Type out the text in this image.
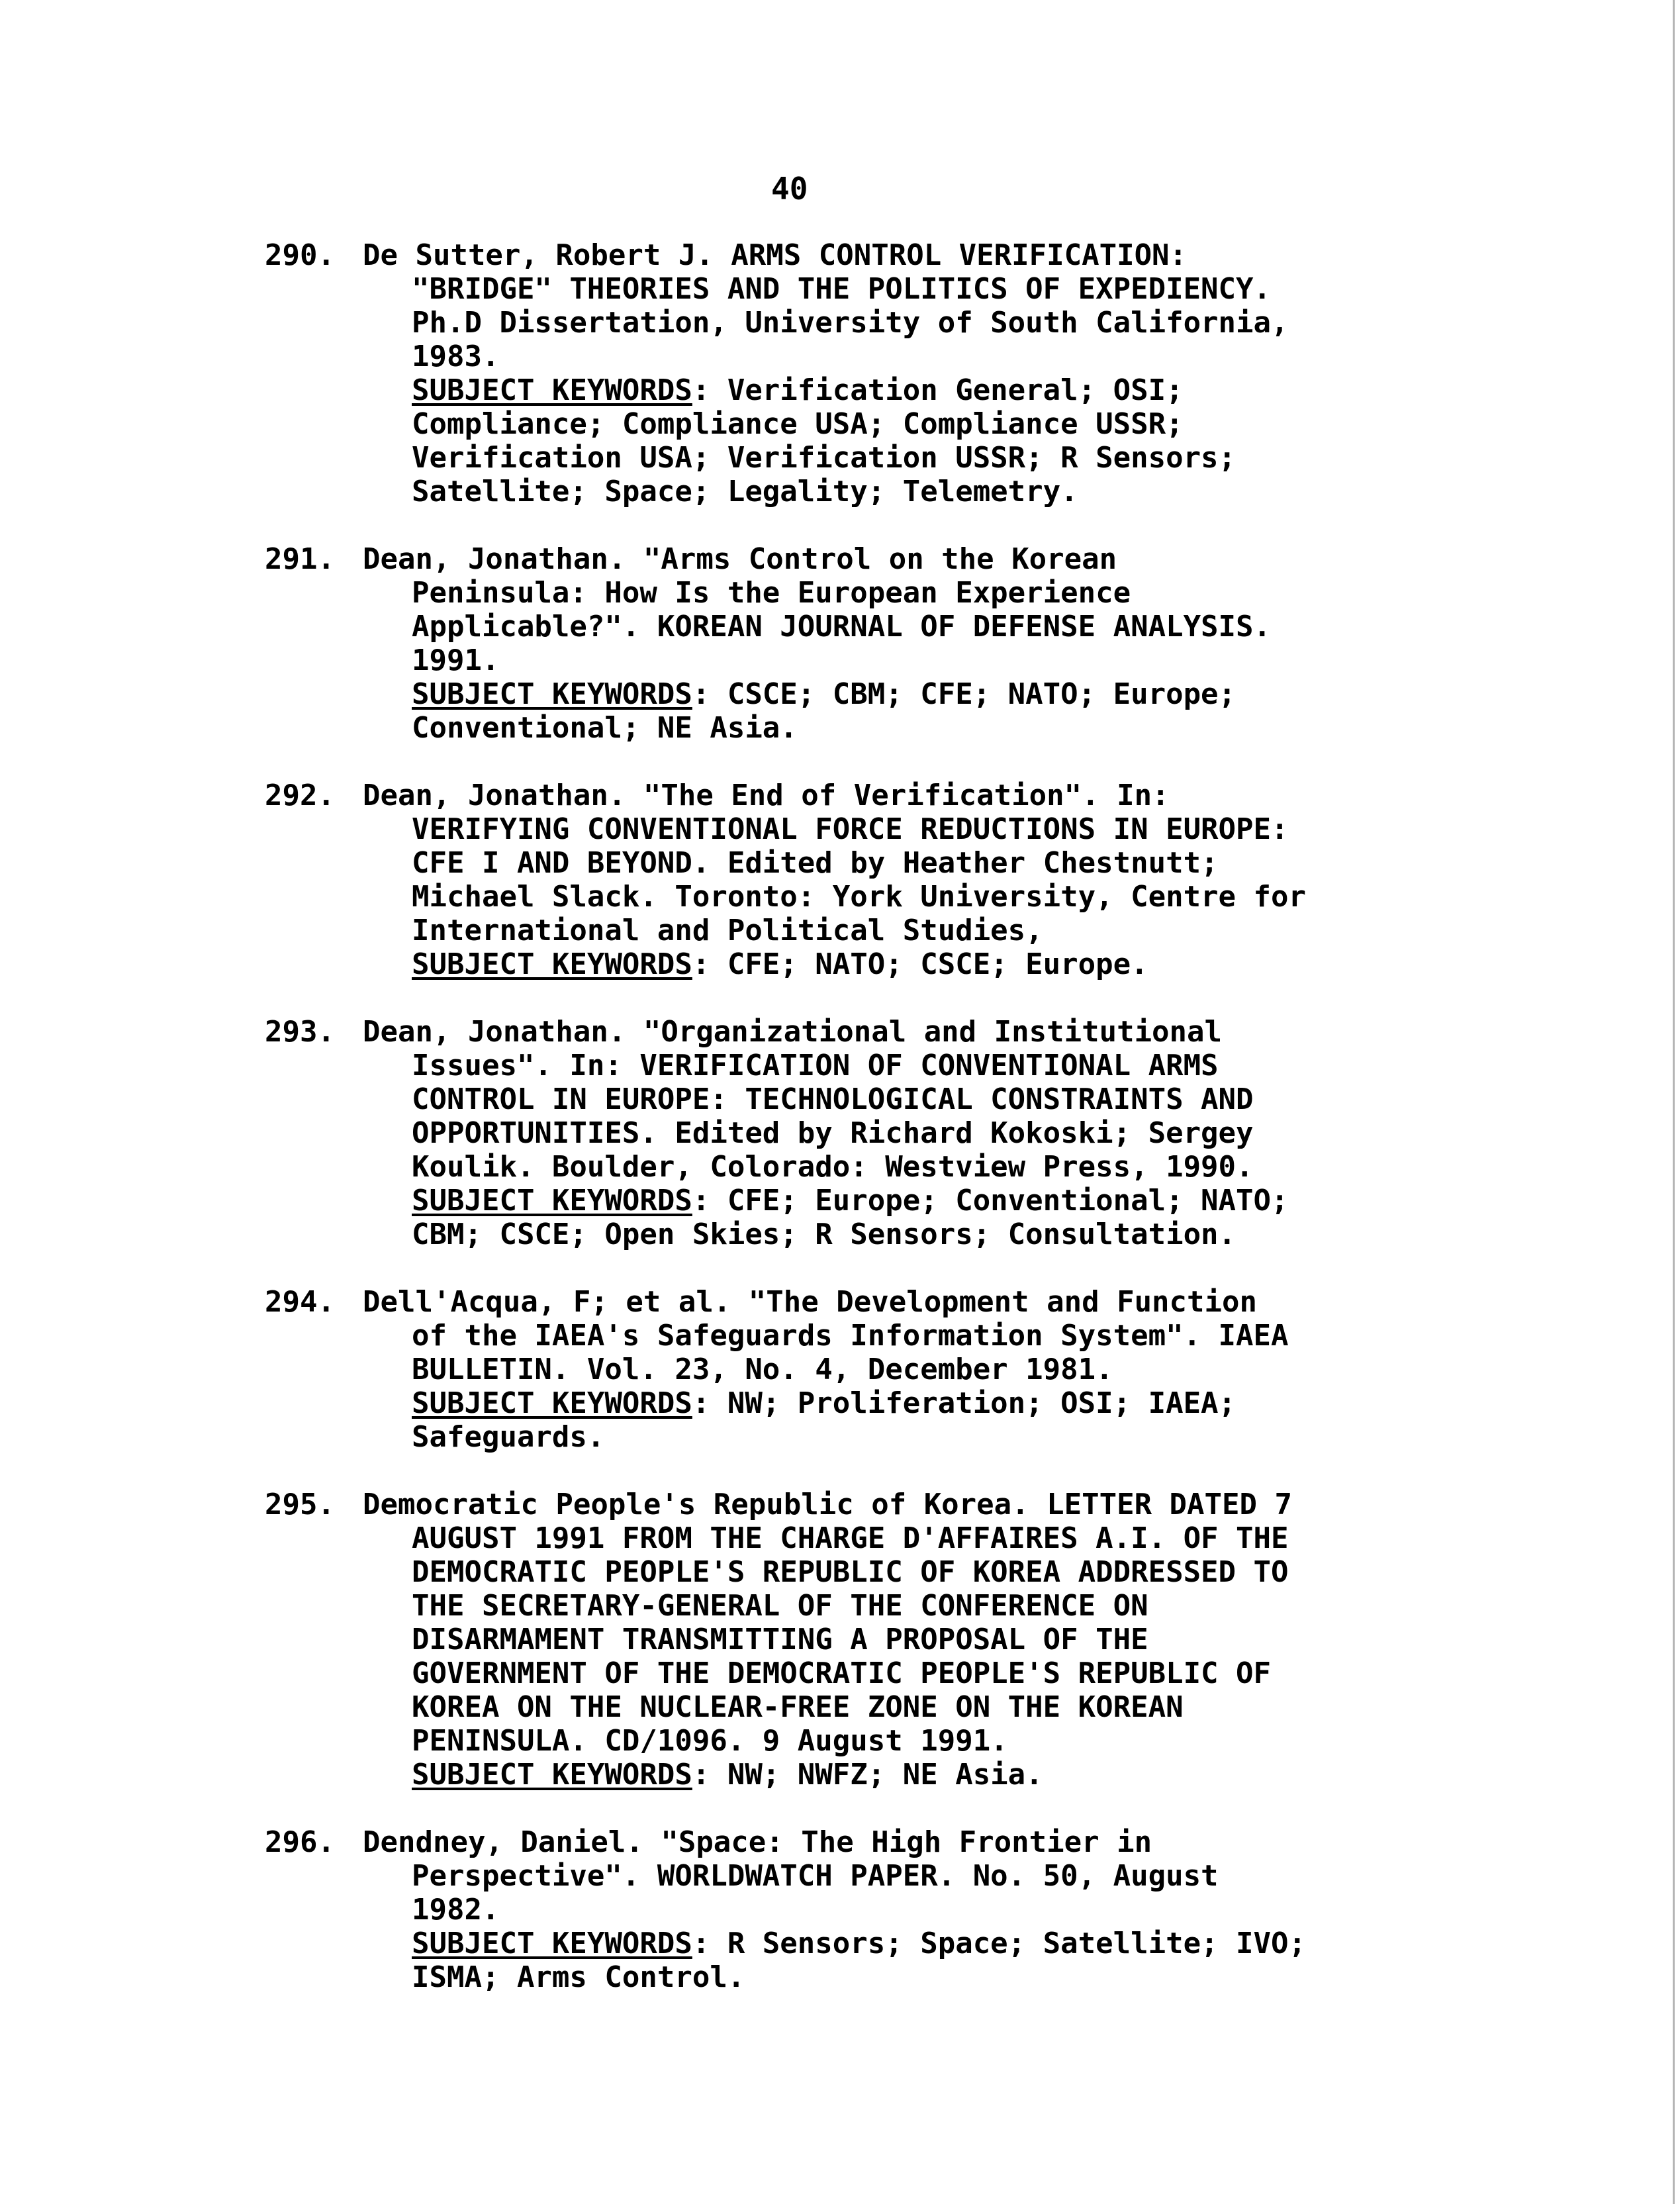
40
290. De Sutter, Robert J. ARMS CONTROL VERIFICATION:
"BRIDGE" THEORIES AND THE POLITICS OF EXPEDIENCY.
Ph.D Dissertation, University of South California,
1983.
SUBJECT KEYWORDS: Verification General; OSI;
Compliance; Compliance USA; Compliance USSR;
Verification USA; Verification USSR; R Sensors;
Satellite; Space; Legality; Telemetry.
291. Dean, Jonathan. "Arms Control on the Korean
Peninsula: How Is the European Experience
Applicable?". KOREAN JOURNAL OF DEFENSE ANALYSIS.
1991.
SUBJECT KEYWORDS: CSCE; CBM; CFE; NATO; Europe;
Conventional; NE Asia.
292. Dean, Jonathan. "The End of Verification". In:
VERIFYING CONVENTIONAL FORCE REDUCTIONS IN EUROPE:
CFE I AND BEYOND. Edited by Heather Chestnutt;
Michael Slack. Toronto: York University, Centre for
International and Political Studies,
SUBJECT KEYWORDS: CFE; NATO; CSCE; Europe.
293. Dean, Jonathan. "Organizational and Institutional
Issues". In: VERIFICATION OF CONVENTIONAL ARMS
CONTROL IN EUROPE: TECHNOLOGICAL CONSTRAINTS AND
OPPORTUNITIES. Edited by Richard Kokoski; Sergey
Koulik. Boulder, Colorado: Westview Press, 1990.
SUBJECT KEYWORDS: CFE; Europe; Conventional; NATO;
CBM; CSCE; Open Skies; R Sensors; Consultation.
294. Dell'Acqua, F; et al. "The Development and Function
of the IAEA's Safeguards Information System". IAEA
BULLETIN. Vol. 23, No. 4, December 1981.
SUBJECT KEYWORDS: NW; Proliferation; OSI; IAEA;
Safeguards.
295. Democratic People's Republic of Korea. LETTER DATED 7
AUGUST 1991 FROM THE CHARGE D'AFFAIRES A.I. OF THE
DEMOCRATIC PEOPLE'S REPUBLIC OF KOREA ADDRESSED TO
THE SECRETARY-GENERAL OF THE CONFERENCE ON
DISARMAMENT TRANSMITTING A PROPOSAL OF THE
GOVERNMENT OF THE DEMOCRATIC PEOPLE'S REPUBLIC OF
KOREA ON THE NUCLEAR-FREE ZONE ON THE KOREAN
PENINSULA. CD/1096. 9 August 1991.
SUBJECT KEYWORDS: NW; NWFZ; NE Asia.
296. Dendney, Daniel. "Space: The High Frontier in
Perspective". WORLDWATCH PAPER. No. 50, August
1982.
SUBJECT KEYWORDS: R Sensors; Space; Satellite; IVO;
ISMA; Arms Control.
